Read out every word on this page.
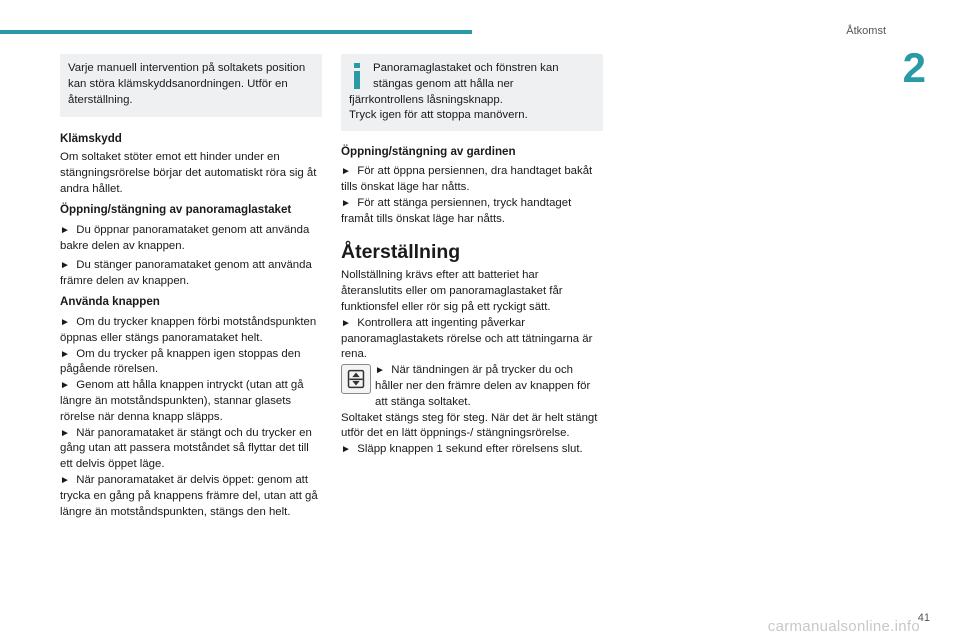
Åtkomst
2

Varje manuell intervention på soltakets position kan störa klämskyddsanordningen. Utför en återställning.

Klämskydd

Om soltaket stöter emot ett hinder under en stängningsrörelse börjar det automatiskt röra sig åt andra hållet.

Öppning/stängning av panoramaglastaket

► Du öppnar panoramataket genom att använda bakre delen av knappen.

► Du stänger panoramataket genom att använda främre delen av knappen.

Använda knappen

► Om du trycker knappen förbi motståndspunkten öppnas eller stängs panoramataket helt.

► Om du trycker på knappen igen stoppas den pågående rörelsen.

► Genom att hålla knappen intryckt (utan att gå längre än motståndspunkten), stannar glasets rörelse när denna knapp släpps.

► När panoramataket är stängt och du trycker en gång utan att passera motståndet så flyttar det till ett delvis öppet läge.

► När panoramataket är delvis öppet: genom att trycka en gång på knappens främre del, utan att gå längre än motståndspunkten, stängs den helt.

Panoramaglastaket och fönstren kan stängas genom att hålla ner

fjärrkontrollens låsningsknapp.

Tryck igen för att stoppa manövern.

Öppning/stängning av gardinen

► För att öppna persiennen, dra handtaget bakåt tills önskat läge har nåtts.

► För att stänga persiennen, tryck handtaget framåt tills önskat läge har nåtts.

Återställning

Nollställning krävs efter att batteriet har återanslutits eller om panoramaglastaket får funktionsfel eller rör sig på ett ryckigt sätt.

► Kontrollera att ingenting påverkar panoramaglastakets rörelse och att tätningarna är rena.

► När tändningen är på trycker du och håller ner den främre delen av knappen för att stänga soltaket.

Soltaket stängs steg för steg. När det är helt stängt utför det en lätt öppnings-/ stängningsrörelse.

► Släpp knappen 1 sekund efter rörelsens slut.

41
carmanualsonline.info
